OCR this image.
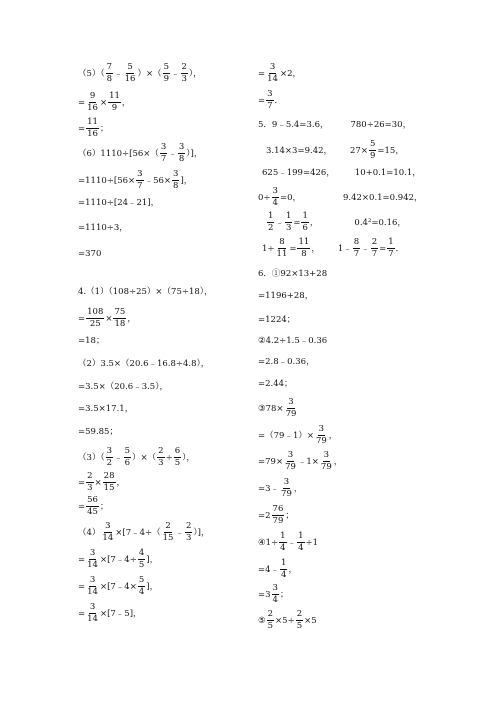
$(5)( \frac{7}{8}$ ﹣ $\frac{5}{16}$ ）×（ $\frac{5}{9}$ ﹣ $\frac{2}{3}$ ），
= $\frac{9}{16} \times \frac{11}{9}$ ，
= $\frac{11}{16}$ ；
$(6)1110\div[56\times( \frac{3}{7}$ ﹣ $\frac{3}{8}$ ）]，
$=1110\div[56\times \frac{3}{7}$ ﹣56× $\frac{3}{8}$ ]，
=1110÷[24﹣21]，
=1110÷3，
=370
4.（1）（108÷25）×（75÷18），
= $\frac{108}{25} \times \frac{75}{18}$ ，
=18；
（2）3.5×（20.6﹣16.8÷4.8），
=3.5×（20.6﹣3.5），
=3.5×17.1，
=59.85；
$(3)( \frac{3}{2}$ ﹣ $\frac{5}{6}$ ）×（ $\frac{2}{3} \div \frac{6}{5}$ ），
= $\frac{2}{3} \times \frac{28}{15}$ ，
= $\frac{56}{45}$ ；
$(4) \frac{3}{14}$ ×[7﹣4÷（ $\frac{2}{15}$ ﹣ $\frac{2}{3}$ ）]，
= $\frac{3}{14}$ ×[7﹣4÷ $\frac{4}{5}$ ]，
= $\frac{3}{14}$ ×[7﹣4× $\frac{5}{4}$ ]，
= $\frac{3}{14}$ ×[7﹣5]，
= $\frac{3}{14} \times 2$，
= $\frac{3}{7}$ ．
5．9﹣5.4=3.6，	780÷26=30，
3.14×3=9.42， $27\times \frac{5}{9} =15$，
625﹣199=426， 10+0.1=10.1，
$0\div \frac{3}{4} =0$，	9.42×0.1=0.942，
$\frac{1}{2}$ ﹣ $\frac{1}{3} = \frac{1}{6}$ ，	0.4²=0.16，
$1\div \frac{8}{11} = \frac{11}{8}$ ， 1﹣ $\frac{8}{7}$ ﹣ $\frac{2}{7} = \frac{1}{7}$ ．
6．①92×13+28
=1196+28，
=1224；
②4.2÷1.5﹣0.36
=2.8﹣0.36，
=2.44；
③78× $\frac{3}{79}$
=（79﹣1）× $\frac{3}{79}$ ，
$=79\times \frac{3}{79}$ ﹣1× $\frac{3}{79}$ ，
=3﹣ $\frac{3}{79}$ ，
$=2 \frac{76}{79}$ ；
④1÷ $\frac{1}{4}$ ﹣ $\frac{1}{4} \div 1$
=4﹣ $\frac{1}{4}$ ，
$=3 \frac{3}{4}$ ；
⑤ $\frac{2}{5} \times 5\div \frac{2}{5} \times 5$
